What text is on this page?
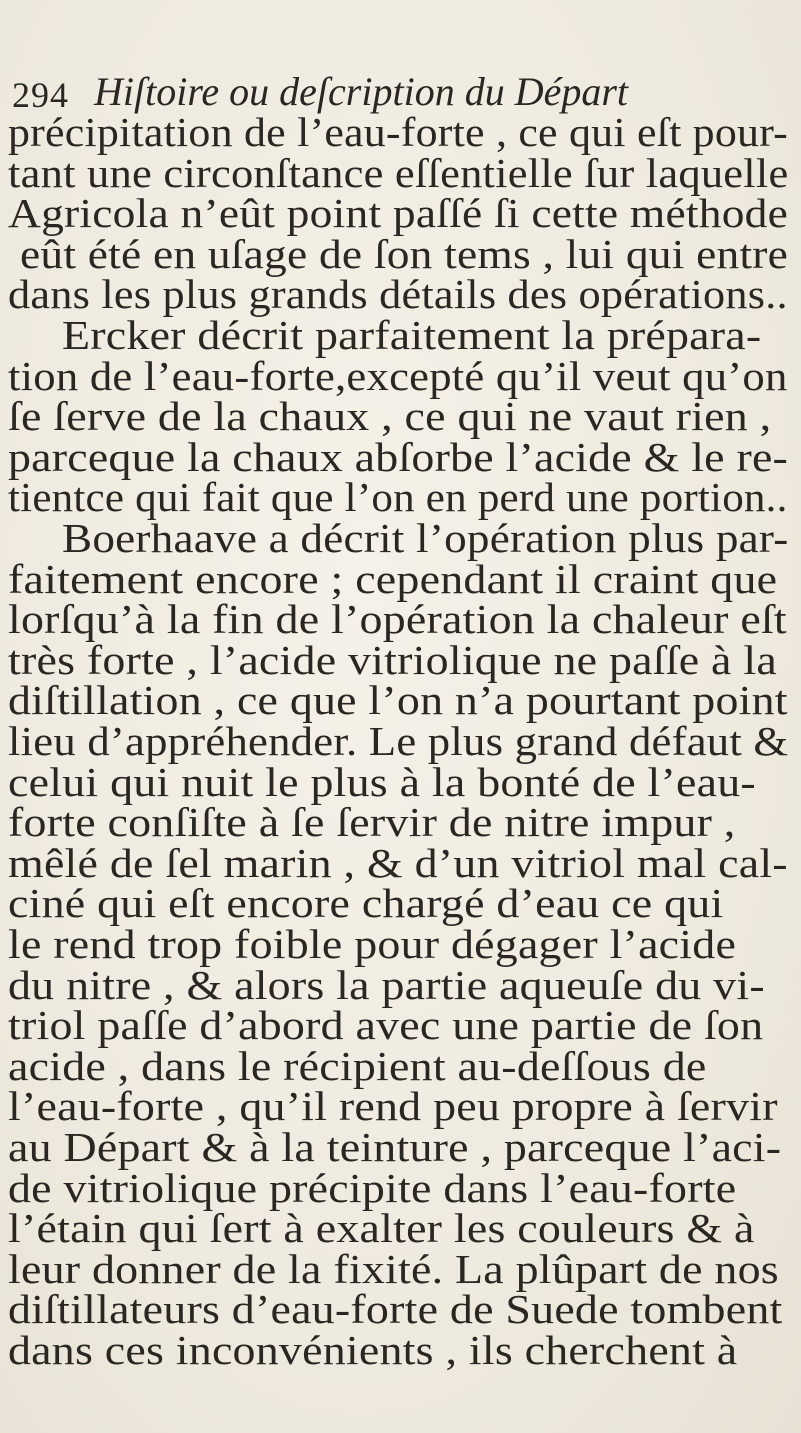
294 Hiſtoire ou deſcription du Départ
précipitation de l’eau-forte , ce qui eſt pour-
tant une circonſtance eſſentielle ſur laquelle
Agricola n’eût point paſſé ſi cette méthode
eût été en uſage de ſon tems , lui qui entre
dans les plus grands détails des opérations..
Ercker décrit parfaitement la prépara-
tion de l’eau-forte,excepté qu’il veut qu’on
ſe ſerve de la chaux , ce qui ne vaut rien ,
parceque la chaux abſorbe l’acide & le re-
tientce qui fait que l’on en perd une portion..
Boerhaave a décrit l’opération plus par-
faitement encore ; cependant il craint que
lorſqu’à la fin de l’opération la chaleur eſt
très forte , l’acide vitriolique ne paſſe à la
diſtillation , ce que l’on n’a pourtant point
lieu d’appréhender. Le plus grand défaut &
celui qui nuit le plus à la bonté de l’eau-
forte conſiſte à ſe ſervir de nitre impur ,
mêlé de ſel marin , & d’un vitriol mal cal-
ciné qui eſt encore chargé d’eau ce qui
le rend trop foible pour dégager l’acide
du nitre , & alors la partie aqueuſe du vi-
triol paſſe d’abord avec une partie de ſon
acide , dans le récipient au-deſſous de
l’eau-forte , qu’il rend peu propre à ſervir
au Départ & à la teinture , parceque l’aci-
de vitriolique précipite dans l’eau-forte
l’étain qui ſert à exalter les couleurs & à
leur donner de la fixité. La plûpart de nos
diſtillateurs d’eau-forte de Suede tombent
dans ces inconvénients , ils cherchent à
